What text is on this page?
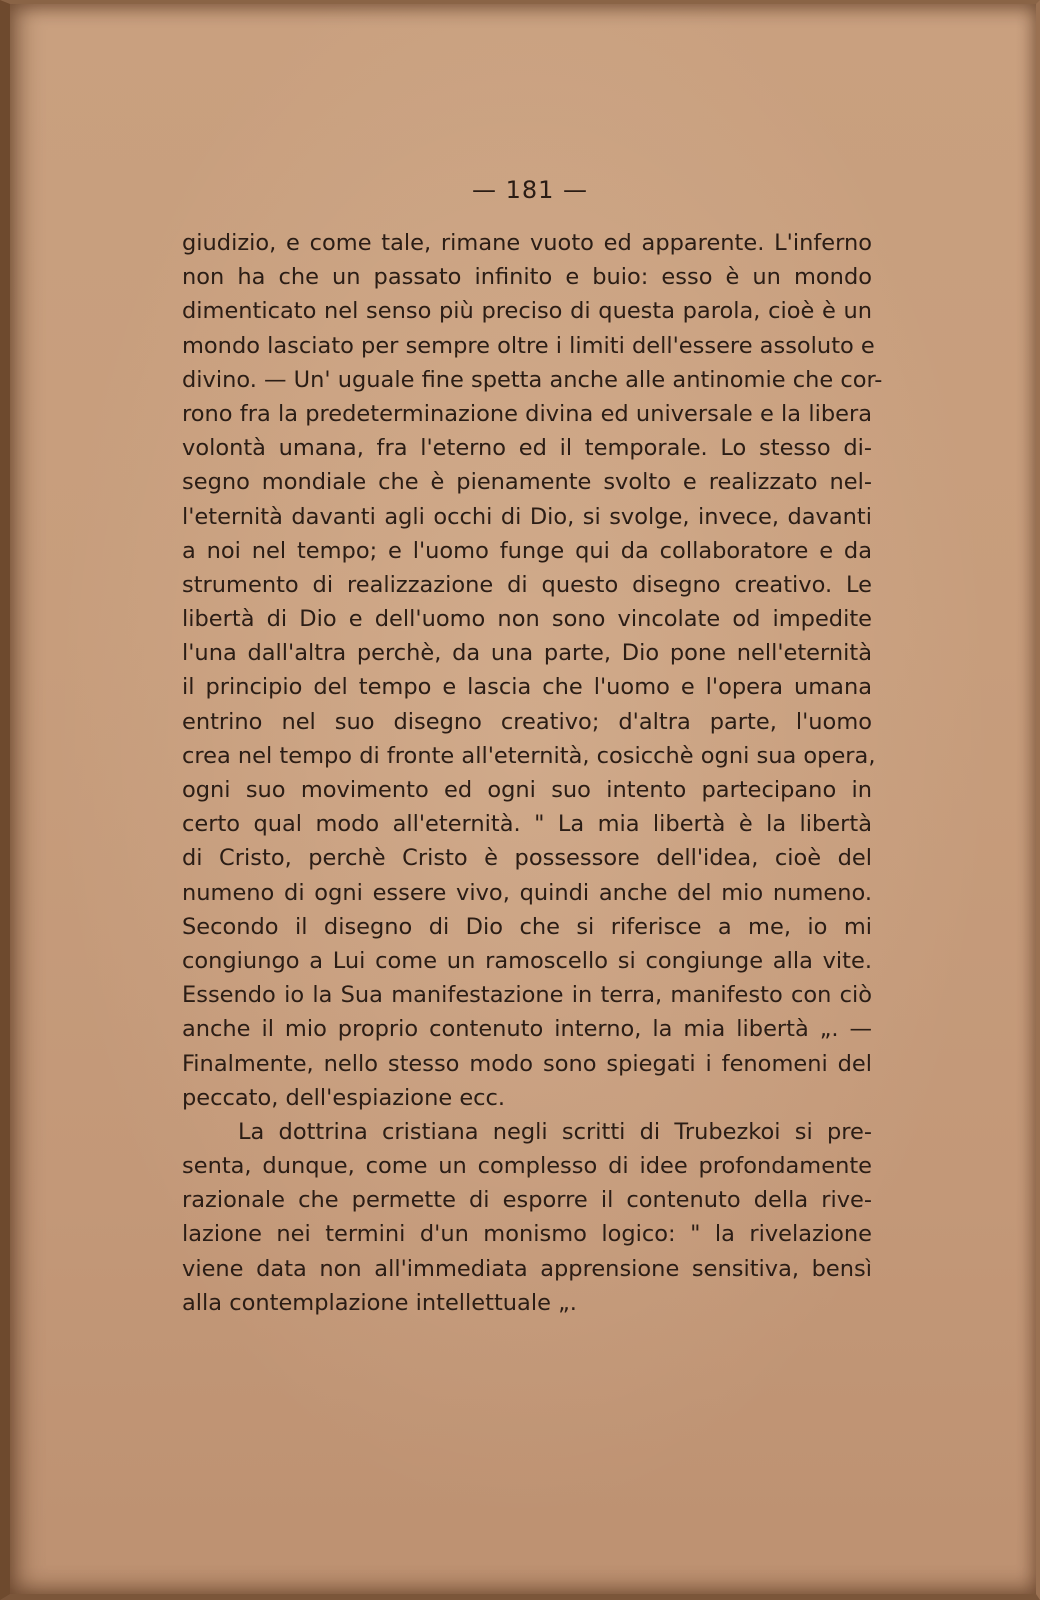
— 181 —
giudizio, e come tale, rimane vuoto ed apparente. L'inferno
non ha che un passato infinito e buio: esso è un mondo
dimenticato nel senso più preciso di questa parola, cioè è un
mondo lasciato per sempre oltre i limiti dell'essere assoluto e
divino. — Un' uguale fine spetta anche alle antinomie che cor-
rono fra la predeterminazione divina ed universale e la libera
volontà umana, fra l'eterno ed il temporale. Lo stesso di-
segno mondiale che è pienamente svolto e realizzato nel-
l'eternità davanti agli occhi di Dio, si svolge, invece, davanti
a noi nel tempo; e l'uomo funge qui da collaboratore e da
strumento di realizzazione di questo disegno creativo. Le
libertà di Dio e dell'uomo non sono vincolate od impedite
l'una dall'altra perchè, da una parte, Dio pone nell'eternità
il principio del tempo e lascia che l'uomo e l'opera umana
entrino nel suo disegno creativo; d'altra parte, l'uomo
crea nel tempo di fronte all'eternità, cosicchè ogni sua opera,
ogni suo movimento ed ogni suo intento partecipano in
certo qual modo all'eternità. " La mia libertà è la libertà
di Cristo, perchè Cristo è possessore dell'idea, cioè del
numeno di ogni essere vivo, quindi anche del mio numeno.
Secondo il disegno di Dio che si riferisce a me, io mi
congiungo a Lui come un ramoscello si congiunge alla vite.
Essendo io la Sua manifestazione in terra, manifesto con ciò
anche il mio proprio contenuto interno, la mia libertà „. —
Finalmente, nello stesso modo sono spiegati i fenomeni del
peccato, dell'espiazione ecc.
La dottrina cristiana negli scritti di Trubezkoi si pre-
senta, dunque, come un complesso di idee profondamente
razionale che permette di esporre il contenuto della rive-
lazione nei termini d'un monismo logico: " la rivelazione
viene data non all'immediata apprensione sensitiva, bensì
alla contemplazione intellettuale „.
